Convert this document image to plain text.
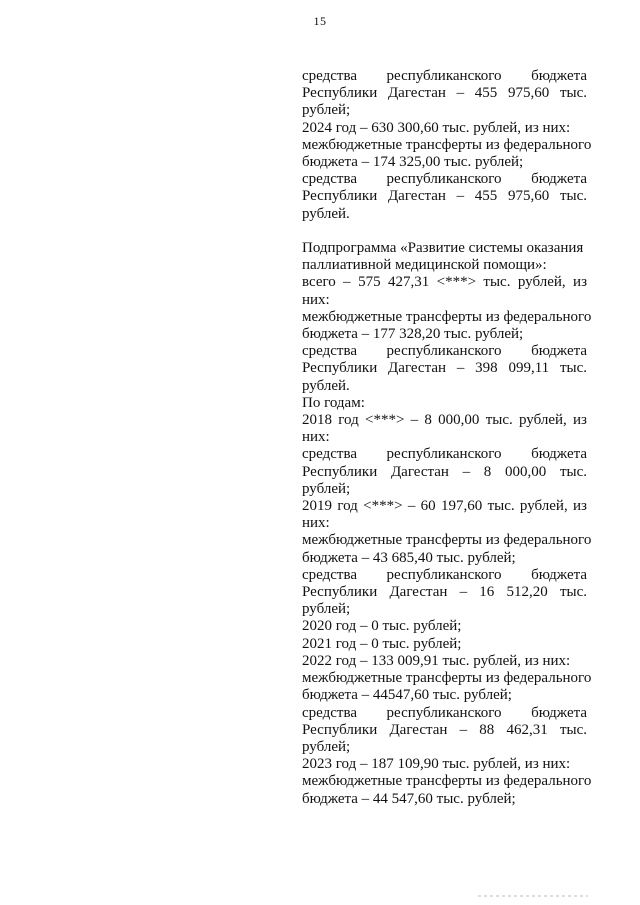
15
средства республиканского бюджета
Республики Дагестан – 455 975,60 тыс.
рублей;
2024 год – 630 300,60 тыс. рублей, из них:
межбюджетные трансферты из федерального
бюджета – 174 325,00 тыс. рублей;
средства республиканского бюджета
Республики Дагестан – 455 975,60 тыс.
рублей.
Подпрограмма «Развитие системы оказания
паллиативной медицинской помощи»:
всего – 575 427,31 <***> тыс. рублей, из
них:
межбюджетные трансферты из федерального
бюджета – 177 328,20 тыс. рублей;
средства республиканского бюджета
Республики Дагестан – 398 099,11 тыс.
рублей.
По годам:
2018 год <***> – 8 000,00 тыс. рублей, из
них:
средства республиканского бюджета
Республики Дагестан – 8 000,00 тыс.
рублей;
2019 год <***> – 60 197,60 тыс. рублей, из
них:
межбюджетные трансферты из федерального
бюджета – 43 685,40 тыс. рублей;
средства республиканского бюджета
Республики Дагестан – 16 512,20 тыс.
рублей;
2020 год – 0 тыс. рублей;
2021 год – 0 тыс. рублей;
2022 год – 133 009,91 тыс. рублей, из них:
межбюджетные трансферты из федерального
бюджета – 44547,60 тыс. рублей;
средства республиканского бюджета
Республики Дагестан – 88 462,31 тыс.
рублей;
2023 год – 187 109,90 тыс. рублей, из них:
межбюджетные трансферты из федерального
бюджета – 44 547,60 тыс. рублей;
